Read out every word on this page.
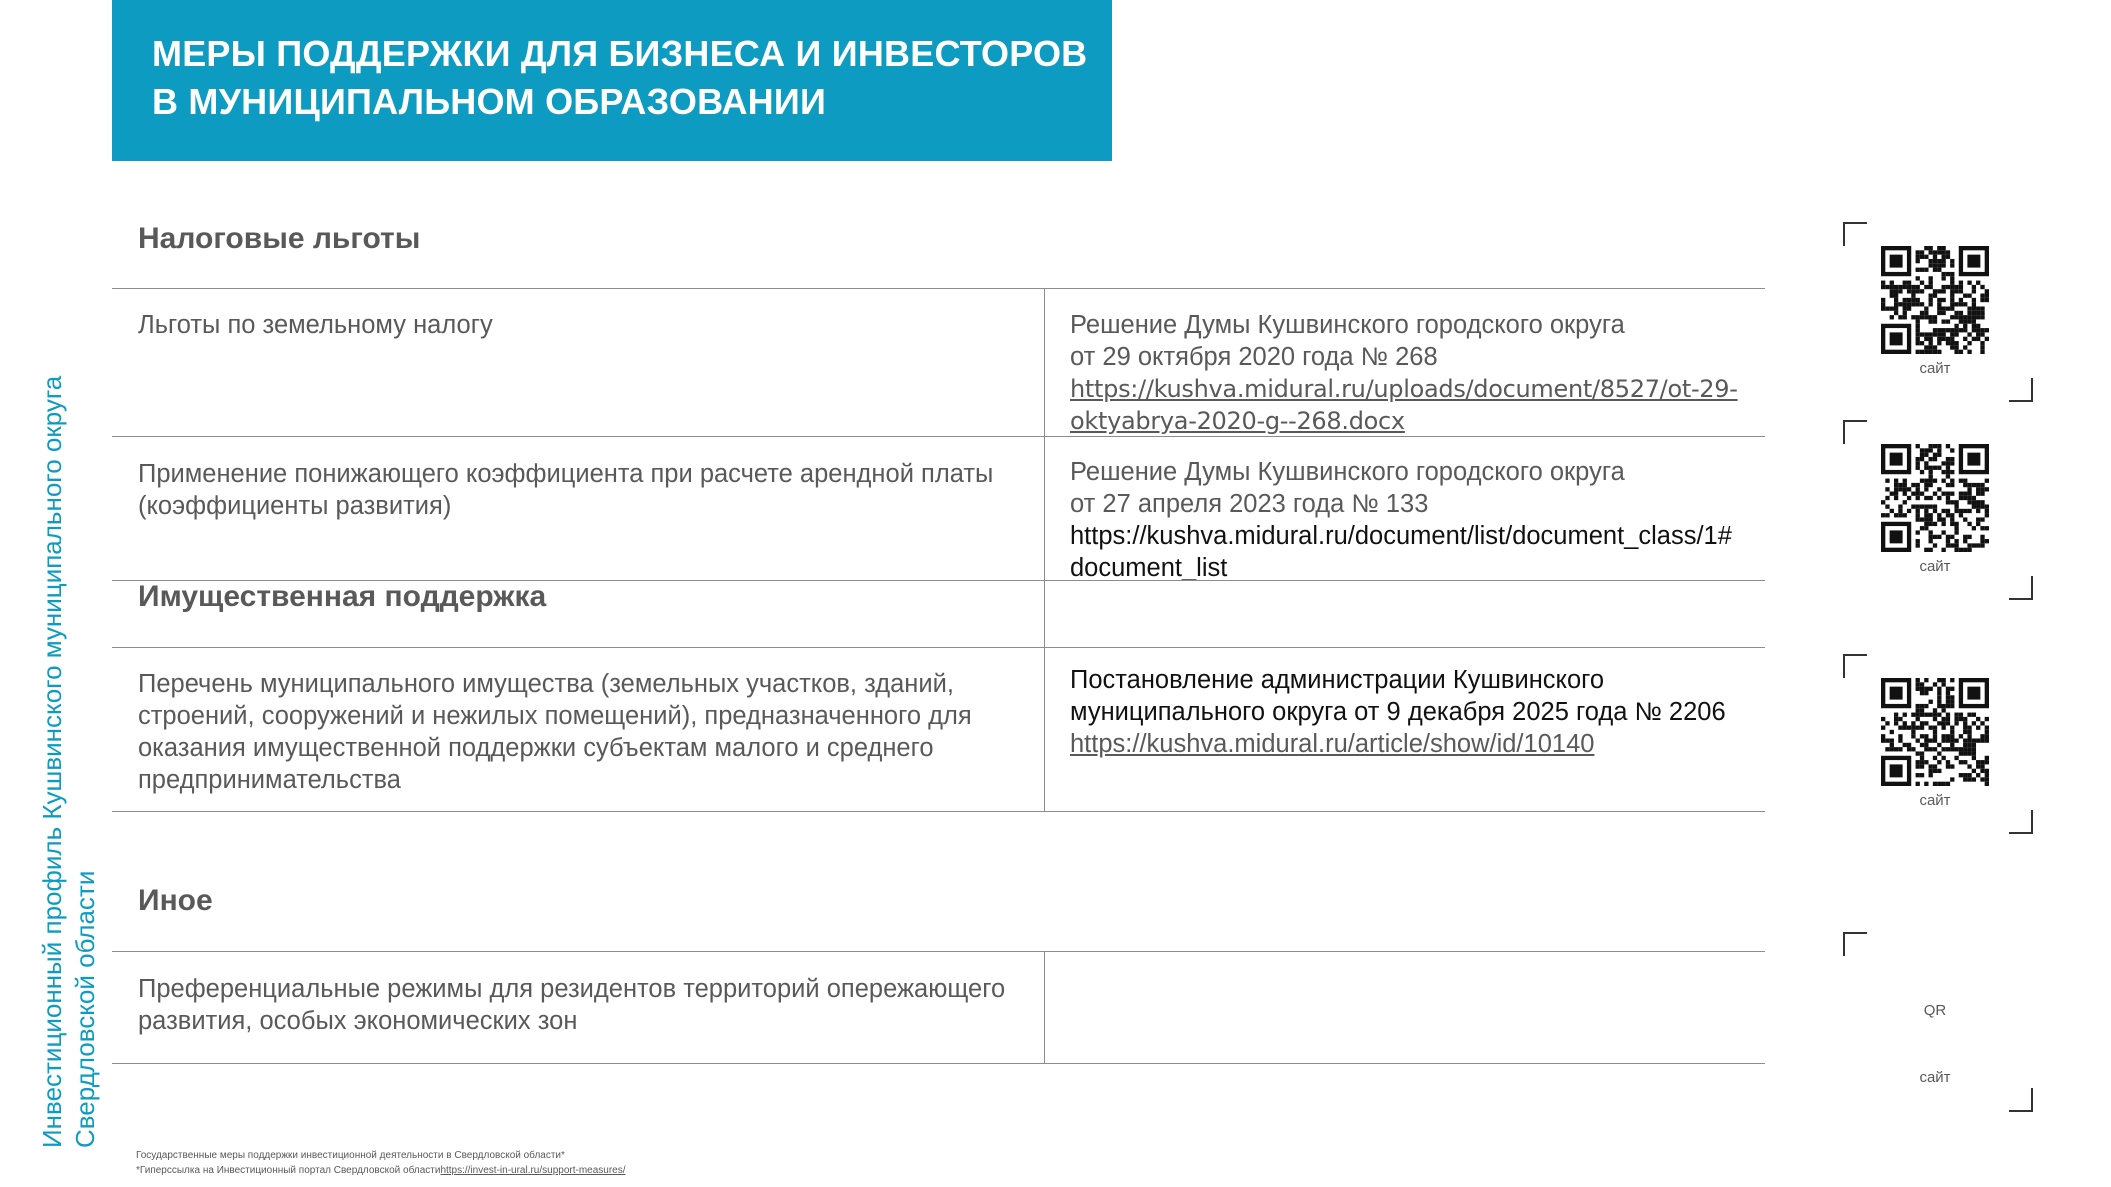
МЕРЫ ПОДДЕРЖКИ ДЛЯ БИЗНЕСА И ИНВЕСТОРОВ
В МУНИЦИПАЛЬНОМ ОБРАЗОВАНИИ
Инвестиционный профиль Кушвинского муниципального округа Свердловской области
Налоговые льготы
Льготы по земельному налогу	Решение Думы Кушвинского городского округа
от 29 октября 2020 года № 268
https://kushva.midural.ru/uploads/document/8527/ot-29-
oktyabrya-2020-g--268.docx
Применение понижающего коэффициента при расчете арендной платы (коэффициенты развития)
Решение Думы Кушвинского городского округа
от 27 апреля 2023 года № 133
https://kushva.midural.ru/document/list/document_class/1#
document_list
Имущественная поддержка
Перечень муниципального имущества (земельных участков, зданий, строений, сооружений и нежилых помещений), предназначенного для оказания имущественной поддержки субъектам малого и среднего предпринимательства
Постановление администрации Кушвинского
муниципального округа от 9 декабря 2025 года № 2206
https://kushva.midural.ru/article/show/id/10140
Иное
Преференциальные режимы для резидентов территорий опережающего развития, особых экономических зон
сайт
сайт
сайт
QR
сайт
Государственные меры поддержки инвестиционной деятельности в Свердловской области*
*Гиперссылка на Инвестиционный портал Свердловской областиhttps://invest-in-ural.ru/support-measures/
